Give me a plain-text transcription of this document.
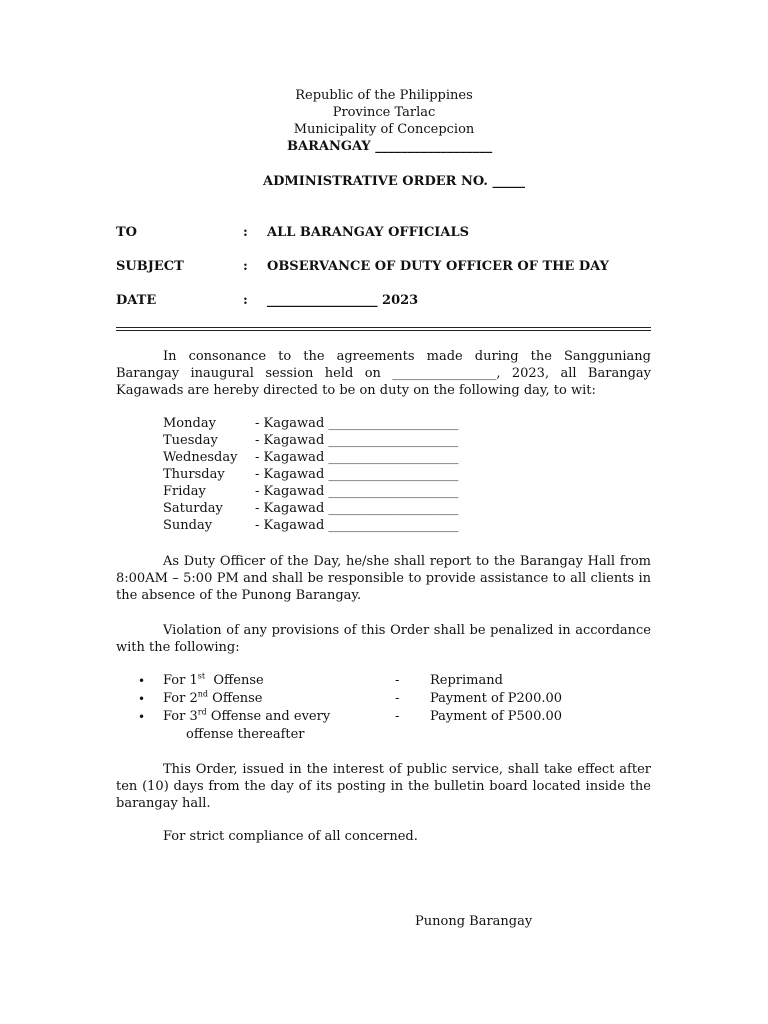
Republic of the Philippines
Province Tarlac
Municipality of Concepcion
BARANGAY __________________
ADMINISTRATIVE ORDER NO. _____
TO	: ALL BARANGAY OFFICIALS
SUBJECT	: OBSERVANCE OF DUTY OFFICER OF THE DAY
DATE	: _________________ 2023
In consonance to the agreements made during the Sangguniang Barangay inaugural session held on ________________, 2023, all Barangay Kagawads are hereby directed to be on duty on the following day, to wit:
Monday	- Kagawad ____________________
Tuesday	- Kagawad ____________________
Wednesday - Kagawad ____________________
Thursday - Kagawad ____________________
Friday	- Kagawad ____________________
Saturday - Kagawad ____________________
Sunday	- Kagawad ____________________
As Duty Officer of the Day, he/she shall report to the Barangay Hall from 8:00AM – 5:00 PM and shall be responsible to provide assistance to all clients in the absence of the Punong Barangay.
Violation of any provisions of this Order shall be penalized in accordance with the following:
• For 1st  Offense	- Reprimand
• For 2nd Offense	- Payment of P200.00
• For 3rd Offense and every	- Payment of P500.00
offense thereafter
This Order, issued in the interest of public service, shall take effect after ten (10) days from the day of its posting in the bulletin board located inside the barangay hall.
For strict compliance of all concerned.
Punong Barangay
